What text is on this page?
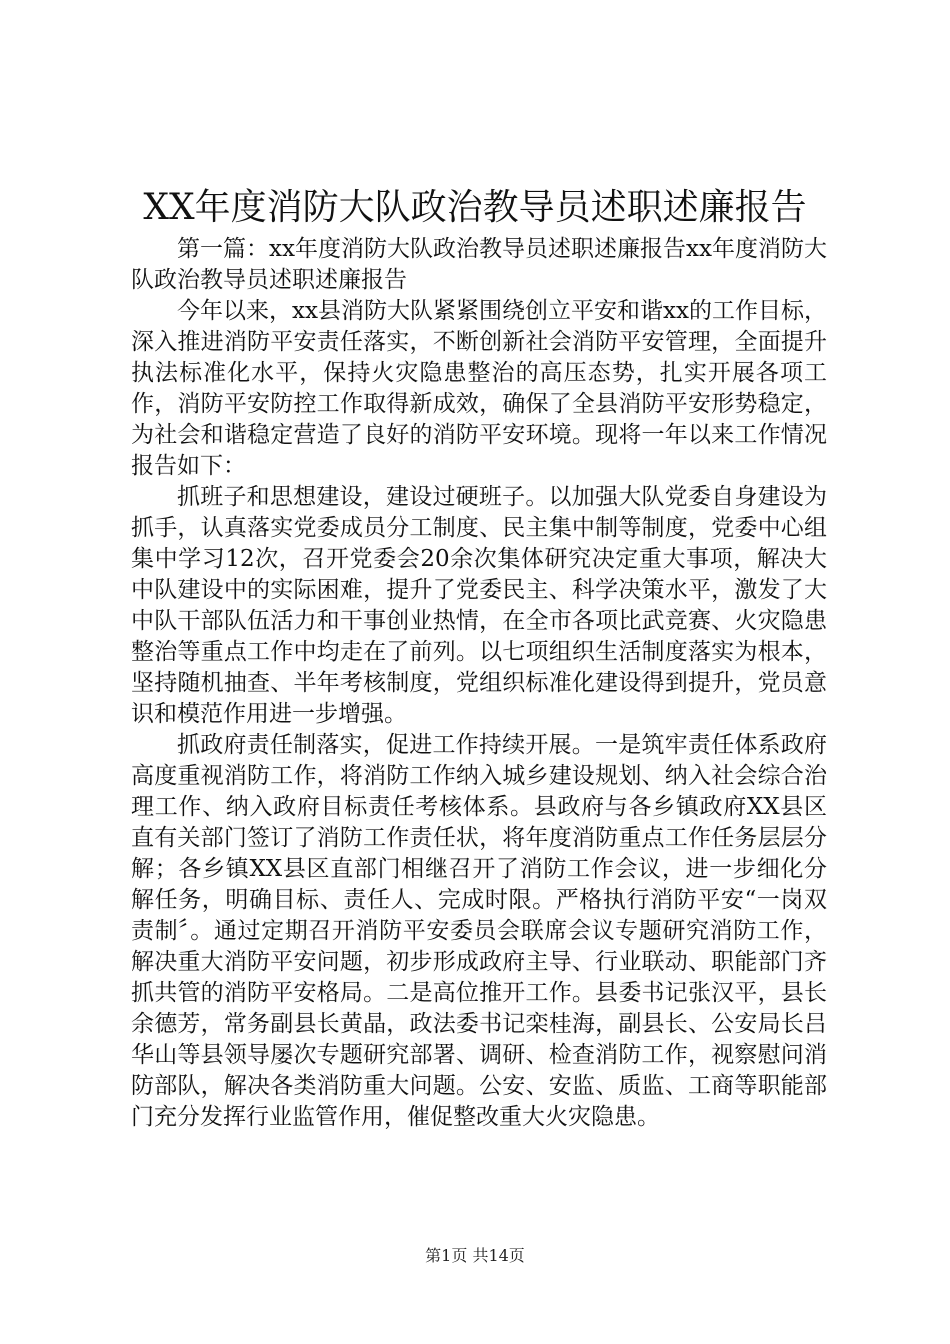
XX年度消防大队政治教导员述职述廉报告

第一篇：xx年度消防大队政治教导员述职述廉报告xx年度消防大队政治教导员述职述廉报告

今年以来，xx县消防大队紧紧围绕创立平安和谐xx的工作目标，深入推进消防平安责任落实，不断创新社会消防平安管理，全面提升执法标准化水平，保持火灾隐患整治的高压态势，扎实开展各项工作，消防平安防控工作取得新成效，确保了全县消防平安形势稳定，为社会和谐稳定营造了良好的消防平安环境。现将一年以来工作情况报告如下：

抓班子和思想建设，建设过硬班子。以加强大队党委自身建设为抓手，认真落实党委成员分工制度、民主集中制等制度，党委中心组集中学习12次，召开党委会20余次集体研究决定重大事项，解决大中队建设中的实际困难，提升了党委民主、科学决策水平，激发了大中队干部队伍活力和干事创业热情，在全市各项比武竞赛、火灾隐患整治等重点工作中均走在了前列。以七项组织生活制度落实为根本，坚持随机抽查、半年考核制度，党组织标准化建设得到提升，党员意识和模范作用进一步增强。

抓政府责任制落实，促进工作持续开展。一是筑牢责任体系政府高度重视消防工作，将消防工作纳入城乡建设规划、纳入社会综合治理工作、纳入政府目标责任考核体系。县政府与各乡镇政府XX县区直有关部门签订了消防工作责任状，将年度消防重点工作任务层层分解；各乡镇XX县区直部门相继召开了消防工作会议，进一步细化分解任务，明确目标、责任人、完成时限。严格执行消防平安“一岗双责制〞。通过定期召开消防平安委员会联席会议专题研究消防工作，解决重大消防平安问题，初步形成政府主导、行业联动、职能部门齐抓共管的消防平安格局。二是高位推开工作。县委书记张汉平，县长余德芳，常务副县长黄晶，政法委书记栾桂海，副县长、公安局长吕华山等县领导屡次专题研究部署、调研、检查消防工作，视察慰问消防部队，解决各类消防重大问题。公安、安监、质监、工商等职能部门充分发挥行业监管作用，催促整改重大火灾隐患。

第1页 共14页
